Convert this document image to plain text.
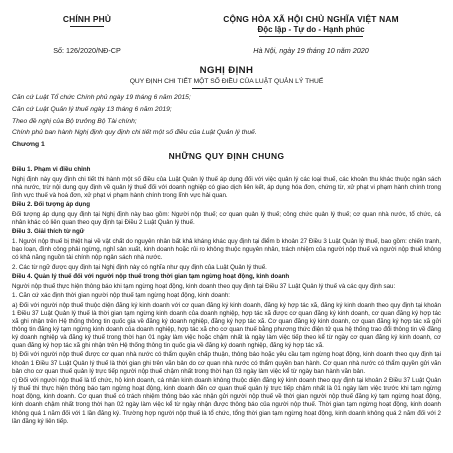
CHÍNH PHỦ	CỘNG HÒA XÃ HỘI CHỦ NGHĨA VIỆT NAM
Độc lập - Tự do - Hạnh phúc
Số: 126/2020/NĐ-CP	Hà Nội, ngày 19 tháng 10 năm 2020
NGHỊ ĐỊNH
QUY ĐỊNH CHI TIẾT MỘT SỐ ĐIỀU CỦA LUẬT QUẢN LÝ THUẾ

Căn cứ Luật Tổ chức Chính phủ ngày 19 tháng 6 năm 2015;

Căn cứ Luật Quản lý thuế ngày 13 tháng 6 năm 2019;

Theo đề nghị của Bộ trưởng Bộ Tài chính;

Chính phủ ban hành Nghị định quy định chi tiết một số điều của Luật Quản lý thuế.

Chương 1
NHỮNG QUY ĐỊNH CHUNG

Điều 1. Phạm vi điều chỉnh

Nghị định này quy định chi tiết thi hành một số điều của Luật Quản lý thuế áp dụng đối với việc quản lý các loại thuế, các khoản thu khác thuộc ngân sách nhà nước, trừ nội dung quy định về quản lý thuế đối với doanh nghiệp có giao dịch liên kết, áp dụng hóa đơn, chứng từ, xử phạt vi phạm hành chính trong lĩnh vực thuế và hoá đơn, xử phạt vi phạm hành chính trong lĩnh vực hải quan.

Điều 2. Đối tượng áp dụng

Đối tượng áp dụng quy định tại Nghị định này bao gồm: Người nộp thuế; cơ quan quản lý thuế; công chức quản lý thuế; cơ quan nhà nước, tổ chức, cá nhân khác có liên quan theo quy định tại Điều 2 Luật Quản lý thuế.

Điều 3. Giải thích từ ngữ

1. Người nộp thuế bị thiệt hại về vật chất do nguyên nhân bất khả kháng khác quy định tại điểm b khoản 27 Điều 3 Luật Quản lý thuế, bao gồm: chiến tranh, bạo loạn, đình công phải ngừng, nghỉ sản xuất, kinh doanh hoặc rủi ro không thuộc nguyên nhân, trách nhiệm của người nộp thuế và người nộp thuế không có khả năng nguồn tài chính nộp ngân sách nhà nước.

2. Các từ ngữ được quy định tại Nghị định này có nghĩa như quy định của Luật Quản lý thuế.

Điều 4. Quản lý thuế đối với người nộp thuế trong thời gian tạm ngừng hoạt động, kinh doanh

Người nộp thuế thực hiện thông báo khi tạm ngừng hoạt động, kinh doanh theo quy định tại Điều 37 Luật Quản lý thuế và các quy định sau:

1. Căn cứ xác định thời gian người nộp thuế tạm ngừng hoạt động, kinh doanh:

a) Đối với người nộp thuế thuộc diện đăng ký kinh doanh với cơ quan đăng ký kinh doanh, đăng ký hợp tác xã, đăng ký kinh doanh theo quy định tại khoản 1 Điều 37 Luật Quản lý thuế là thời gian tạm ngừng kinh doanh của doanh nghiệp, hợp tác xã được cơ quan đăng ký kinh doanh, cơ quan đăng ký hợp tác xã ghi nhận trên Hệ thống thông tin quốc gia về đăng ký doanh nghiệp, đăng ký hợp tác xã. Cơ quan đăng ký kinh doanh, cơ quan đăng ký hợp tác xã gửi thông tin đăng ký tạm ngừng kinh doanh của doanh nghiệp, hợp tác xã cho cơ quan thuế bằng phương thức điện tử qua hệ thống trao đổi thông tin về đăng ký doanh nghiệp và đăng ký thuế trong thời hạn 01 ngày làm việc hoặc chậm nhất là ngày làm việc tiếp theo kể từ ngày cơ quan đăng ký kinh doanh, cơ quan đăng ký hợp tác xã ghi nhận trên Hệ thống thông tin quốc gia về đăng ký doanh nghiệp, đăng ký hợp tác xã.

b) Đối với người nộp thuế được cơ quan nhà nước có thẩm quyền chấp thuận, thông báo hoặc yêu cầu tạm ngừng hoạt động, kinh doanh theo quy định tại khoản 1 Điều 37 Luật Quản lý thuế là thời gian ghi trên văn bản do cơ quan nhà nước có thẩm quyền ban hành. Cơ quan nhà nước có thẩm quyền gửi văn bản cho cơ quan thuế quản lý trực tiếp người nộp thuế chậm nhất trong thời hạn 03 ngày làm việc kể từ ngày ban hành văn bản.

c) Đối với người nộp thuế là tổ chức, hộ kinh doanh, cá nhân kinh doanh không thuộc diện đăng ký kinh doanh theo quy định tại khoản 2 Điều 37 Luật Quản lý thuế thì thực hiện thông báo tạm ngừng hoạt động, kinh doanh đến cơ quan thuế quản lý trực tiếp chậm nhất là 01 ngày làm việc trước khi tạm ngừng hoạt động, kinh doanh. Cơ quan thuế có trách nhiệm thông báo xác nhận gửi người nộp thuế về thời gian người nộp thuế đăng ký tạm ngừng hoạt động, kinh doanh chậm nhất trong thời hạn 02 ngày làm việc kể từ ngày nhận được thông báo của người nộp thuế. Thời gian tạm ngừng hoạt động, kinh doanh không quá 1 năm đối với 1 lần đăng ký. Trường hợp người nộp thuế là tổ chức, tổng thời gian tạm ngừng hoạt động, kinh doanh không quá 2 năm đối với 2 lần đăng ký liên tiếp.
